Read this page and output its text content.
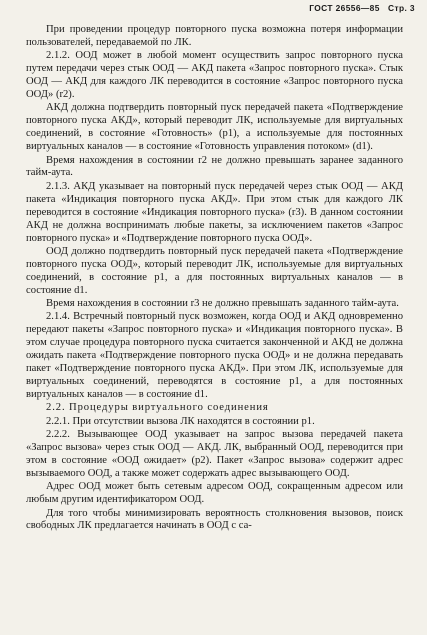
ГОСТ 26556—85 Стр. 3

При проведении процедур повторного пуска возможна потеря информации пользователей, передаваемой по ЛК.

2.1.2. ООД может в любой момент осуществить запрос повторного пуска путем передачи через стык ООД — АКД пакета «Запрос повторного пуска». Стык ООД — АКД для каждого ЛК переводится в состояние «Запрос повторного пуска ООД» (r2).

АКД должна подтвердить повторный пуск передачей пакета «Подтверждение повторного пуска АКД», который переводит ЛК, используемые для виртуальных соединений, в состояние «Готовность» (p1), а используемые для постоянных виртуальных каналов — в состояние «Готовность управления потоком» (d1).

Время нахождения в состоянии r2 не должно превышать заранее заданного тайм-аута.

2.1.3. АКД указывает на повторный пуск передачей через стык ООД — АКД пакета «Индикация повторного пуска АКД». При этом стык для каждого ЛК переводится в состояние «Индикация повторного пуска» (r3). В данном состоянии АКД не должна воспринимать любые пакеты, за исключением пакетов «Запрос повторного пуска» и «Подтверждение повторного пуска ООД».

ООД должно подтвердить повторный пуск передачей пакета «Подтверждение повторного пуска ООД», который переводит ЛК, используемые для виртуальных соединений, в состояние p1, а для постоянных виртуальных каналов — в состояние d1.

Время нахождения в состоянии r3 не должно превышать заданного тайм-аута.

2.1.4. Встречный повторный пуск возможен, когда ООД и АКД одновременно передают пакеты «Запрос повторного пуска» и «Индикация повторного пуска». В этом случае процедура повторного пуска считается законченной и АКД не должна ожидать пакета «Подтверждение повторного пуска ООД» и не должна передавать пакет «Подтверждение повторного пуска АКД». При этом ЛК, используемые для виртуальных соединений, переводятся в состояние p1, а для постоянных виртуальных каналов — в состояние d1.

2.2. Процедуры виртуального соединения

2.2.1. При отсутствии вызова ЛК находятся в состоянии p1.

2.2.2. Вызывающее ООД указывает на запрос вызова передачей пакета «Запрос вызова» через стык ООД — АКД. ЛК, выбранный ООД, переводится при этом в состояние «ООД ожидает» (p2). Пакет «Запрос вызова» содержит адрес вызываемого ООД, а также может содержать адрес вызывающего ООД.

Адрес ООД может быть сетевым адресом ООД, сокращенным адресом или любым другим идентификатором ООД.

Для того чтобы минимизировать вероятность столкновения вызовов, поиск свободных ЛК предлагается начинать в ООД с са-
